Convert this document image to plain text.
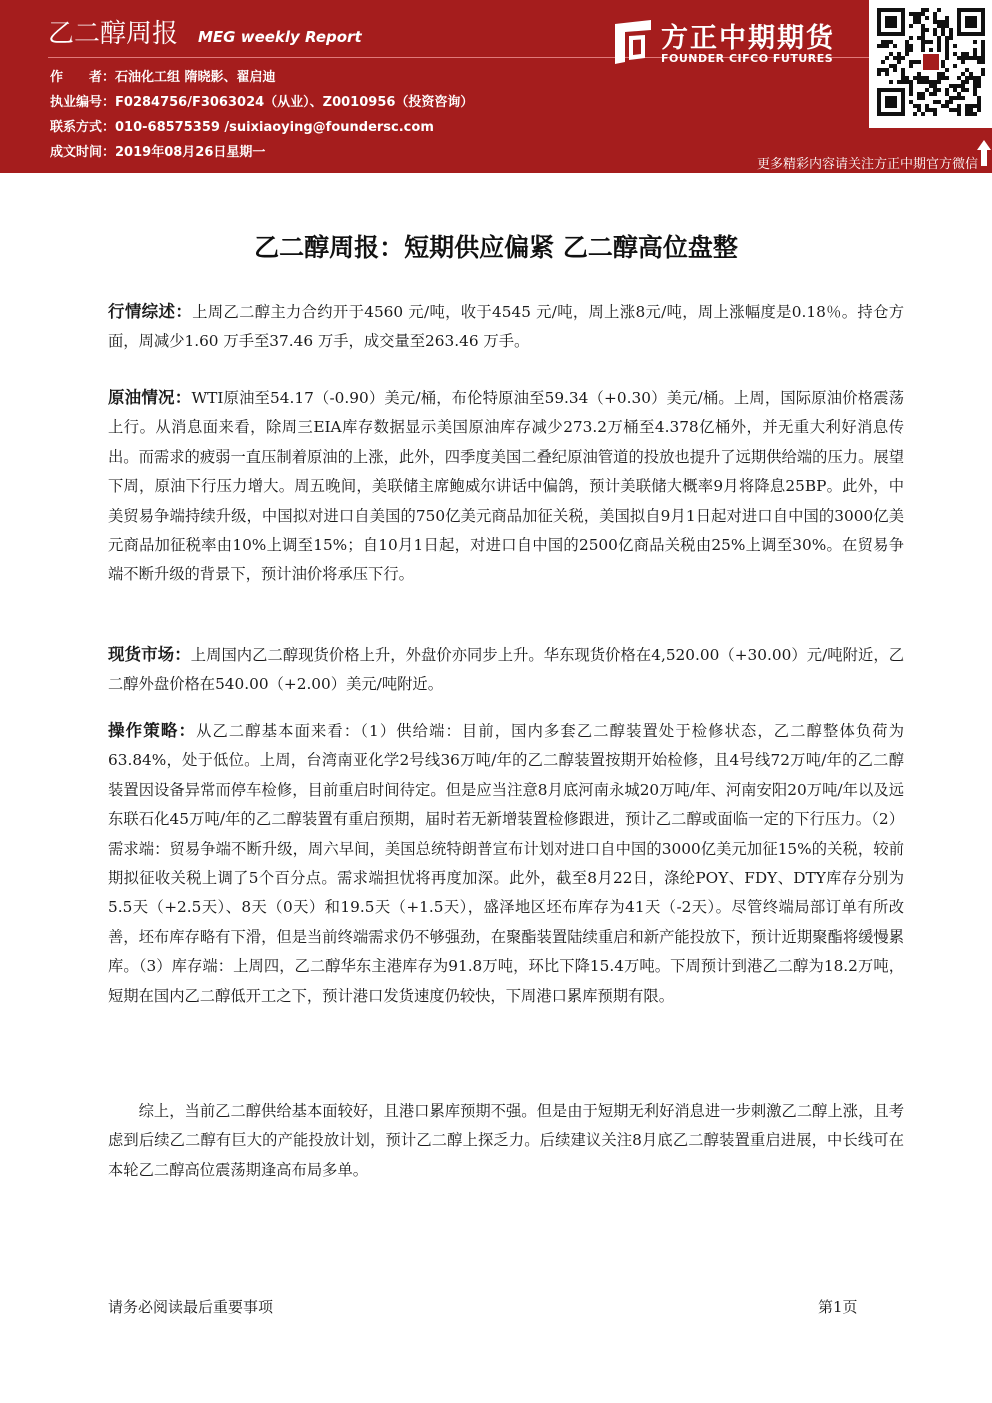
乙二醇周报 MEG weekly Report
作　　者：石油化工组 隋晓影、翟启迪
执业编号：F0284756/F3063024（从业）、Z0010956（投资咨询）
联系方式：010-68575359 /suixiaoying@foundersc.com
成文时间：2019年08月26日星期一
方正中期期货
FOUNDER CIFCO FUTURES
更多精彩内容请关注方正中期官方微信
乙二醇周报：短期供应偏紧 乙二醇高位盘整
行情综述：上周乙二醇主力合约开于4560 元/吨，收于4545 元/吨，周上涨8元/吨，周上涨幅度是0.18％。持仓方面，周减少1.60 万手至37.46 万手，成交量至263.46 万手。
原油情况：WTI原油至54.17（-0.90）美元/桶，布伦特原油至59.34（+0.30）美元/桶。上周，国际原油价格震荡上行。从消息面来看，除周三EIA库存数据显示美国原油库存减少273.2万桶至4.378亿桶外，并无重大利好消息传出。而需求的疲弱一直压制着原油的上涨，此外，四季度美国二叠纪原油管道的投放也提升了远期供给端的压力。展望下周，原油下行压力增大。周五晚间，美联储主席鲍威尔讲话中偏鸽，预计美联储大概率9月将降息25BP。此外，中美贸易争端持续升级，中国拟对进口自美国的750亿美元商品加征关税，美国拟自9月1日起对进口自中国的3000亿美元商品加征税率由10%上调至15%；自10月1日起，对进口自中国的2500亿商品关税由25%上调至30%。在贸易争端不断升级的背景下，预计油价将承压下行。
现货市场：上周国内乙二醇现货价格上升，外盘价亦同步上升。华东现货价格在4,520.00（+30.00）元/吨附近，乙二醇外盘价格在540.00（+2.00）美元/吨附近。
操作策略：从乙二醇基本面来看：（1）供给端：目前，国内多套乙二醇装置处于检修状态，乙二醇整体负荷为63.84%，处于低位。上周，台湾南亚化学2号线36万吨/年的乙二醇装置按期开始检修，且4号线72万吨/年的乙二醇装置因设备异常而停车检修，目前重启时间待定。但是应当注意8月底河南永城20万吨/年、河南安阳20万吨/年以及远东联石化45万吨/年的乙二醇装置有重启预期，届时若无新增装置检修跟进，预计乙二醇或面临一定的下行压力。（2）需求端：贸易争端不断升级，周六早间，美国总统特朗普宣布计划对进口自中国的3000亿美元加征15%的关税，较前期拟征收关税上调了5个百分点。需求端担忧将再度加深。此外，截至8月22日，涤纶POY、FDY、DTY库存分别为5.5天（+2.5天）、8天（0天）和19.5天（+1.5天），盛泽地区坯布库存为41天（-2天）。尽管终端局部订单有所改善，坯布库存略有下滑，但是当前终端需求仍不够强劲，在聚酯装置陆续重启和新产能投放下，预计近期聚酯将缓慢累库。（3）库存端：上周四，乙二醇华东主港库存为91.8万吨，环比下降15.4万吨。下周预计到港乙二醇为18.2万吨，短期在国内乙二醇低开工之下，预计港口发货速度仍较快，下周港口累库预期有限。
综上，当前乙二醇供给基本面较好，且港口累库预期不强。但是由于短期无利好消息进一步刺激乙二醇上涨，且考虑到后续乙二醇有巨大的产能投放计划，预计乙二醇上探乏力。后续建议关注8月底乙二醇装置重启进展，中长线可在本轮乙二醇高位震荡期逢高布局多单。
请务必阅读最后重要事项	第1页
